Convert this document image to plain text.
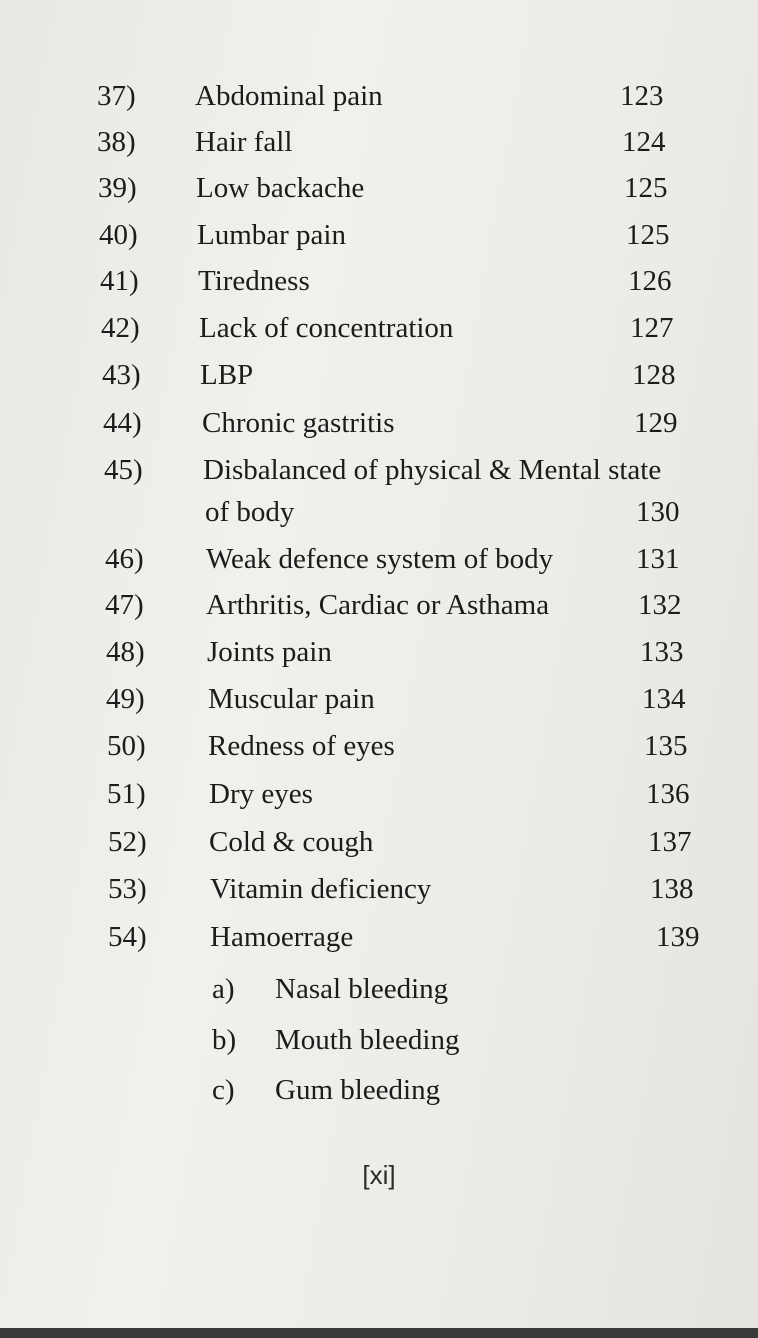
37) Abdominal pain	123
38) Hair fall	124
39) Low backache	125
40) Lumbar pain	125
41) Tiredness	126
42) Lack of concentration	127
43) LBP	128
44) Chronic gastritis	129
45) Disbalanced of physical & Mental state
of body	130
46) Weak defence system of body	131
47) Arthritis, Cardiac or Asthama	132
48) Joints pain	133
49) Muscular pain	134
50) Redness of eyes	135
51) Dry eyes	136
52) Cold & cough	137
53) Vitamin deficiency	138
54) Hamoerrage	139
a) Nasal bleeding
b) Mouth bleeding
c) Gum bleeding
[xi]
